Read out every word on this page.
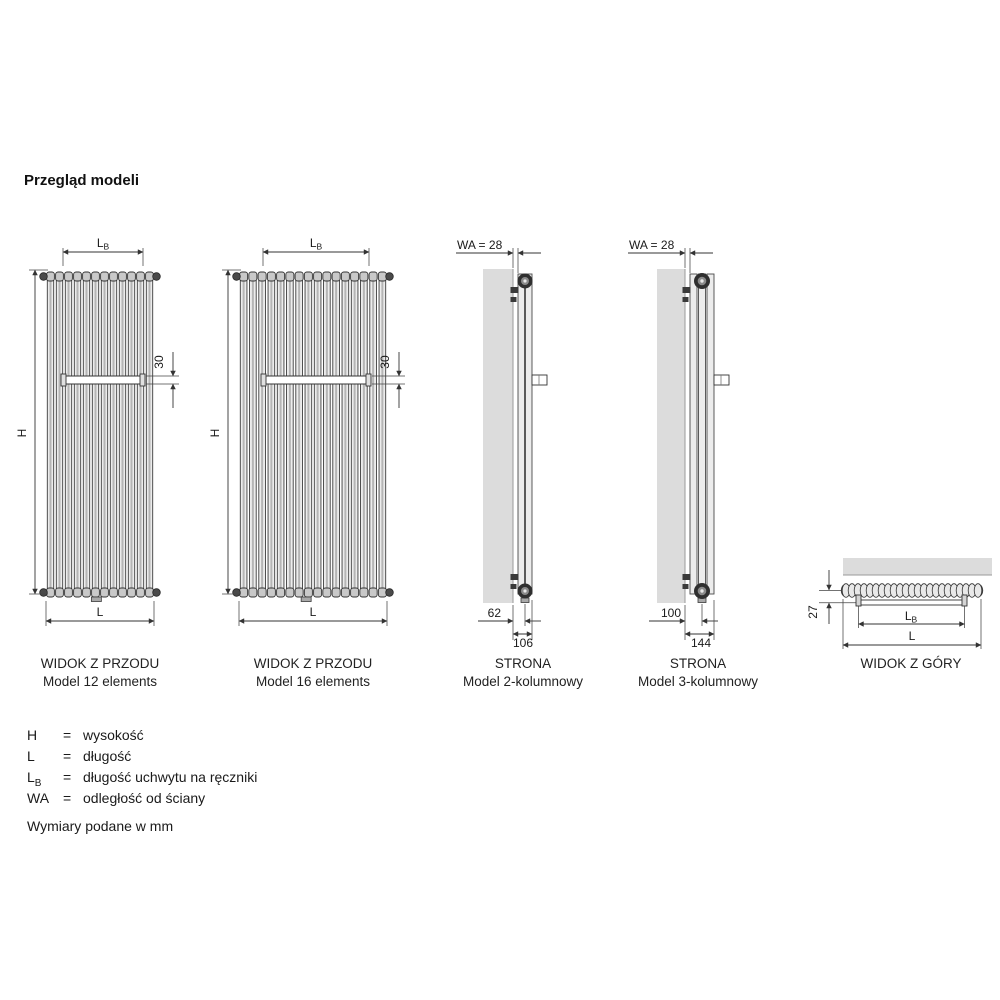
Przegląd modeli
$L_B$
H
30
L
$L_B$
H
30
L
WA = 28
62
106
WA = 28
100
144
27	$L_B$
L
WIDOK Z PRZODU
Model 12 elements
WIDOK Z PRZODU
Model 16 elements
STRONA
Model 2-kolumnowy
STRONA
Model 3-kolumnowy
WIDOK Z GÓRY
H	= wysokość
L	= długość
$L_B$	= długość uchwytu na ręczniki
WA = odległość od ściany
Wymiary podane w mm
